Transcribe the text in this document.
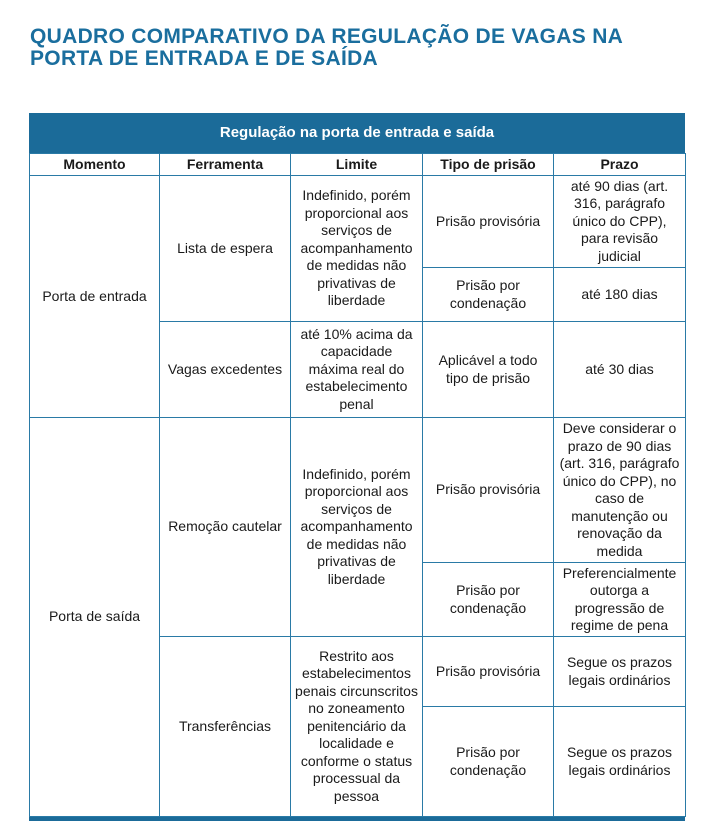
QUADRO COMPARATIVO DA REGULAÇÃO DE VAGAS NA
PORTA DE ENTRADA E DE SAÍDA
Regulação na porta de entrada e saída
Momento	Ferramenta	Limite	Tipo de prisão	Prazo
Porta de entrada	Lista de espera	Indefinido, porém proporcional aos serviços de acompanhamento de medidas não privativas de liberdade	Prisão provisória	até 90 dias (art. 316, parágrafo único do CPP), para revisão judicial
			Prisão por condenação	até 180 dias
	Vagas excedentes	até 10% acima da capacidade máxima real do estabelecimento penal	Aplicável a todo tipo de prisão	até 30 dias
Porta de saída	Remoção cautelar	Indefinido, porém proporcional aos serviços de acompanhamento de medidas não privativas de liberdade	Prisão provisória	Deve considerar o prazo de 90 dias (art. 316, parágrafo único do CPP), no caso de manutenção ou renovação da medida
			Prisão por condenação	Preferencialmente outorga a progressão de regime de pena
	Transferências	Restrito aos estabelecimentos penais circunscritos no zoneamento penitenciário da localidade e conforme o status processual da pessoa	Prisão provisória	Segue os prazos legais ordinários
			Prisão por condenação	Segue os prazos legais ordinários
